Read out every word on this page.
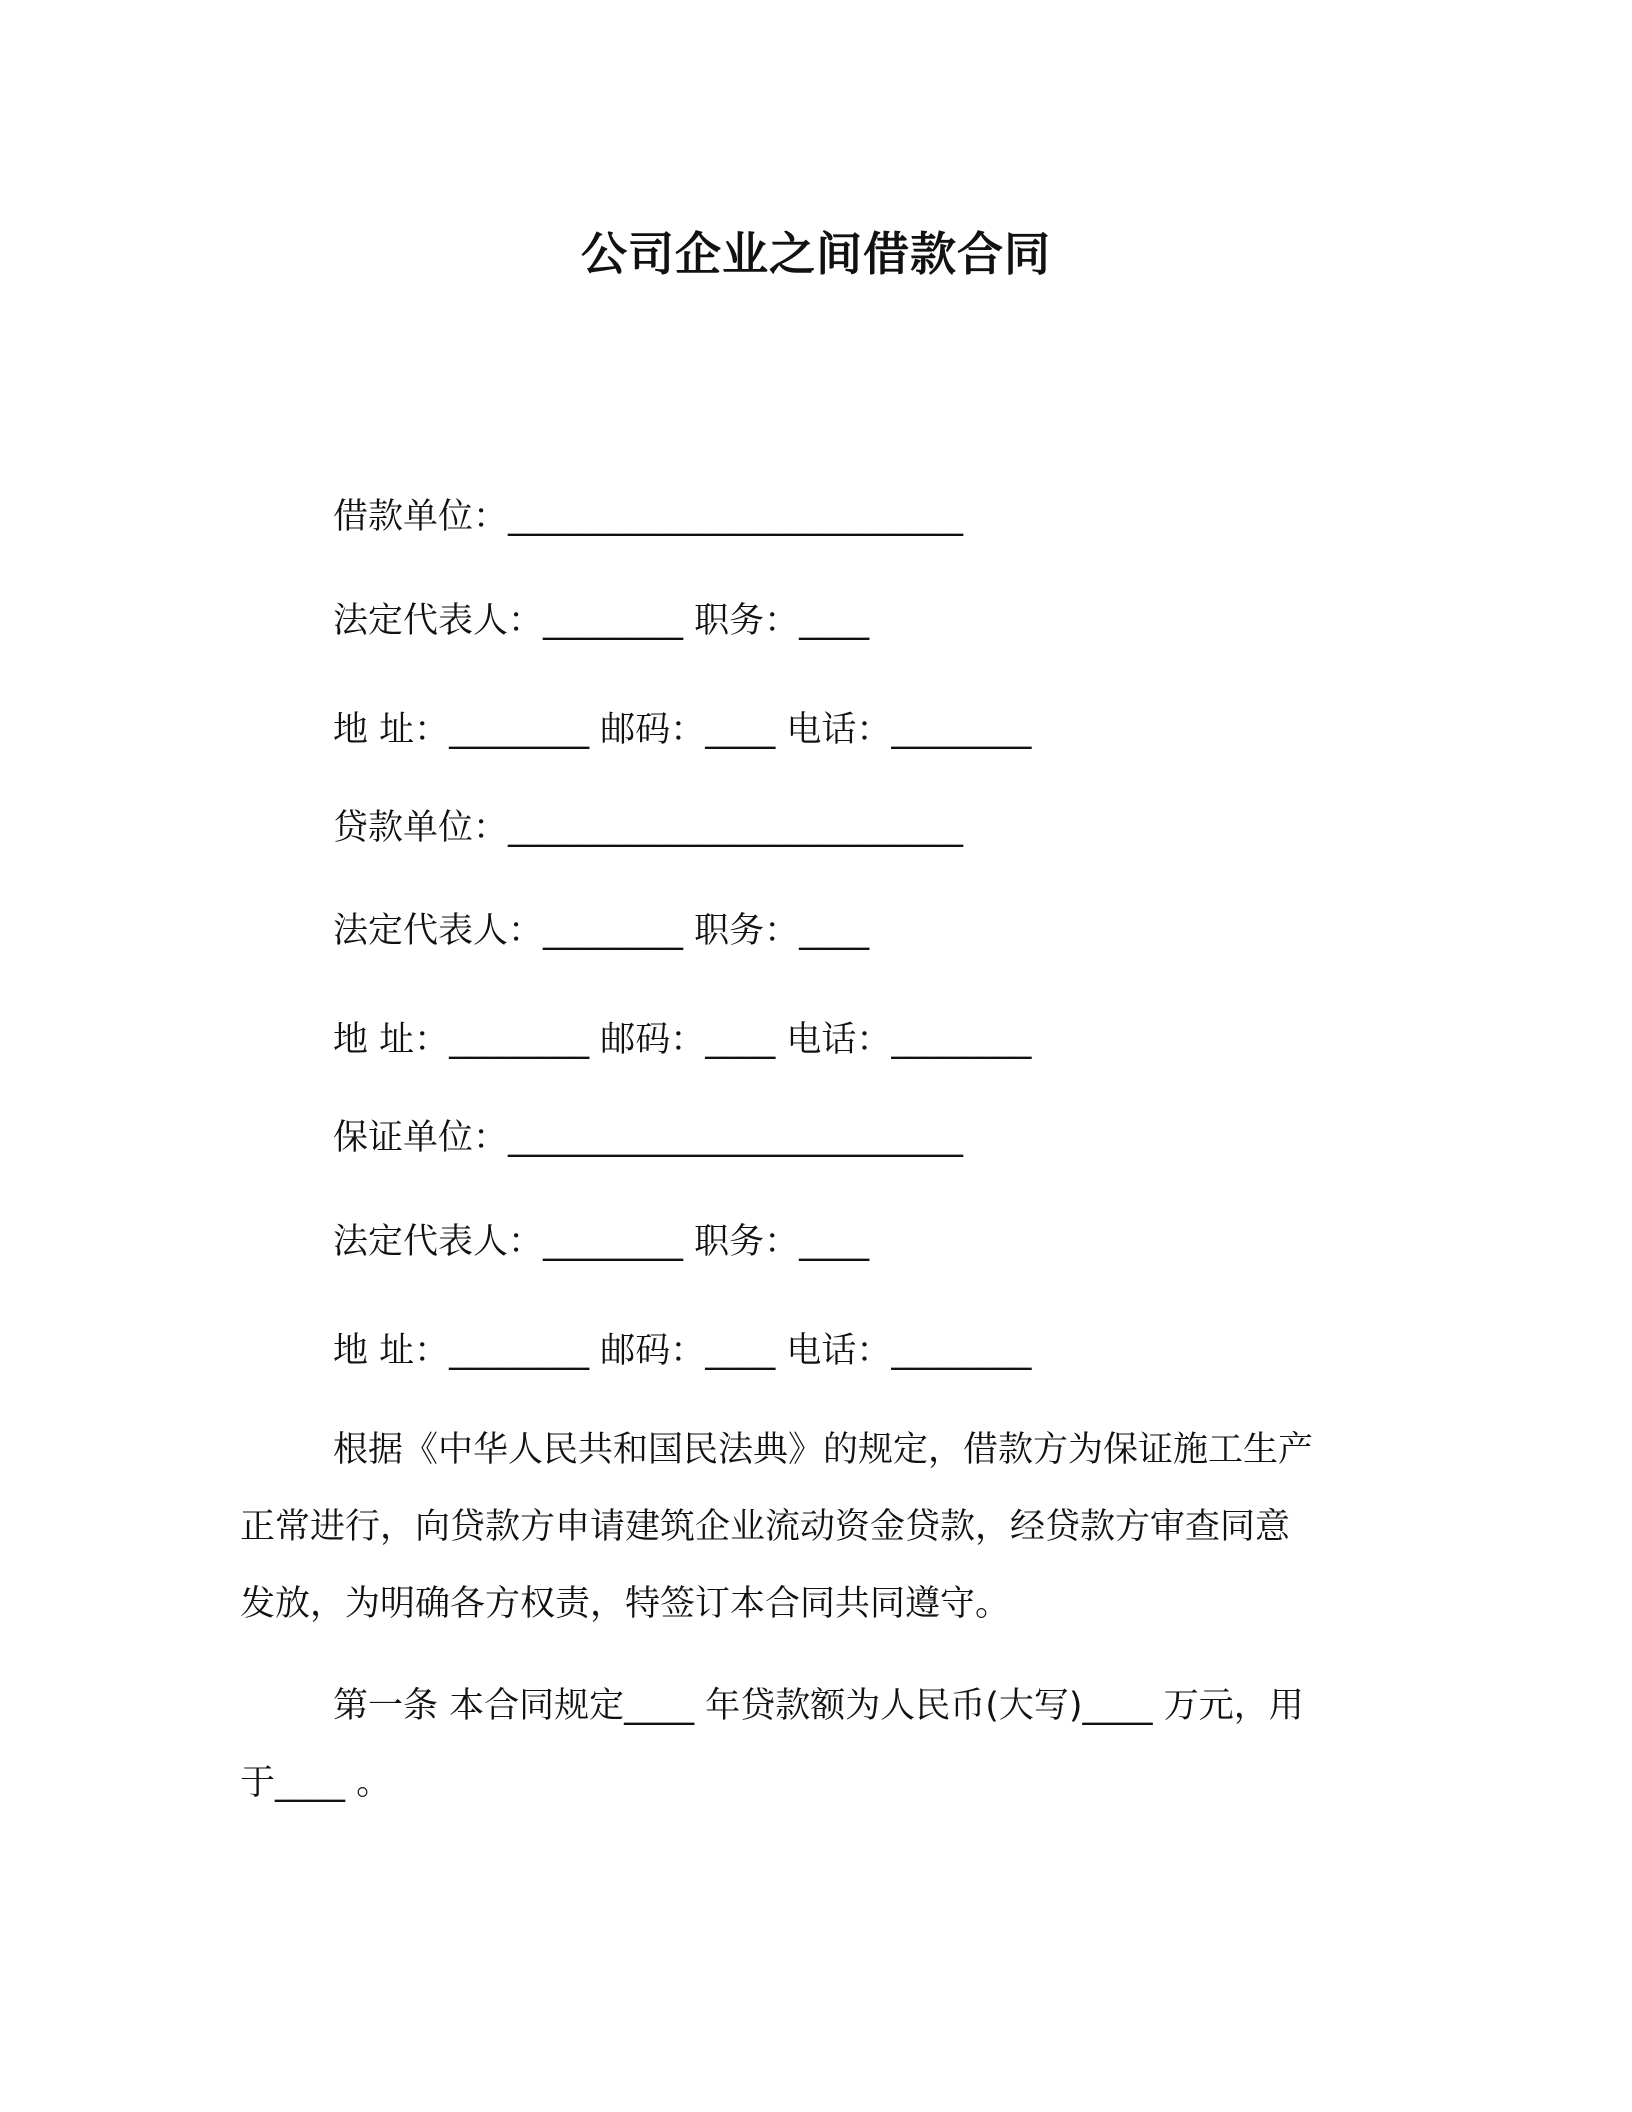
公司企业之间借款合同
借款单位：__________________________
法定代表人：________ 职务：____
地 址：________ 邮码：____ 电话：________
贷款单位：__________________________
法定代表人：________ 职务：____
地 址：________ 邮码：____ 电话：________
保证单位：__________________________
法定代表人：________ 职务：____
地 址：________ 邮码：____ 电话：________
根据《中华人民共和国民法典》的规定，借款方为保证施工生产
正常进行，向贷款方申请建筑企业流动资金贷款，经贷款方审查同意
发放，为明确各方权责，特签订本合同共同遵守。
第一条 本合同规定____ 年贷款额为人民币(大写)____ 万元，用
于____ 。
